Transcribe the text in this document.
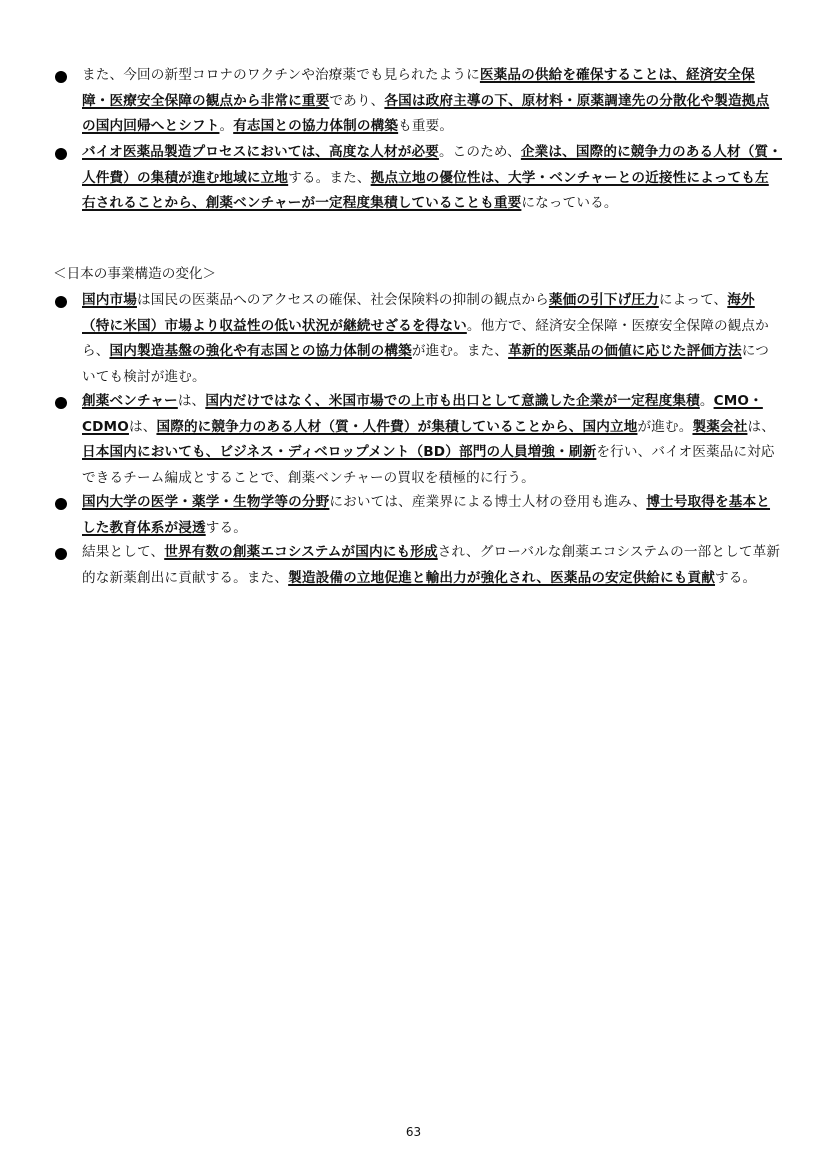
また、今回の新型コロナのワクチンや治療薬でも見られたように医薬品の供給を確保することは、経済安全保障・医療安全保障の観点から非常に重要であり、各国は政府主導の下、原材料・原薬調達先の分散化や製造拠点の国内回帰へとシフト。有志国との協力体制の構築も重要。
バイオ医薬品製造プロセスにおいては、高度な人材が必要。このため、企業は、国際的に競争力のある人材（質・人件費）の集積が進む地域に立地する。また、拠点立地の優位性は、大学・ベンチャーとの近接性によっても左右されることから、創薬ベンチャーが一定程度集積していることも重要になっている。
＜日本の事業構造の変化＞
国内市場は国民の医薬品へのアクセスの確保、社会保険料の抑制の観点から薬価の引下げ圧力によって、海外（特に米国）市場より収益性の低い状況が継続せざるを得ない。他方で、経済安全保障・医療安全保障の観点から、国内製造基盤の強化や有志国との協力体制の構築が進む。また、革新的医薬品の価値に応じた評価方法についても検討が進む。
創薬ベンチャーは、国内だけではなく、米国市場での上市も出口として意識した企業が一定程度集積。CMO・CDMOは、国際的に競争力のある人材（質・人件費）が集積していることから、国内立地が進む。製薬会社は、日本国内においても、ビジネス・ディベロップメント（BD）部門の人員増強・刷新を行い、バイオ医薬品に対応できるチーム編成とすることで、創薬ベンチャーの買収を積極的に行う。
国内大学の医学・薬学・生物学等の分野においては、産業界による博士人材の登用も進み、博士号取得を基本とした教育体系が浸透する。
結果として、世界有数の創薬エコシステムが国内にも形成され、グローバルな創薬エコシステムの一部として革新的な新薬創出に貢献する。また、製造設備の立地促進と輸出力が強化され、医薬品の安定供給にも貢献する。
63
